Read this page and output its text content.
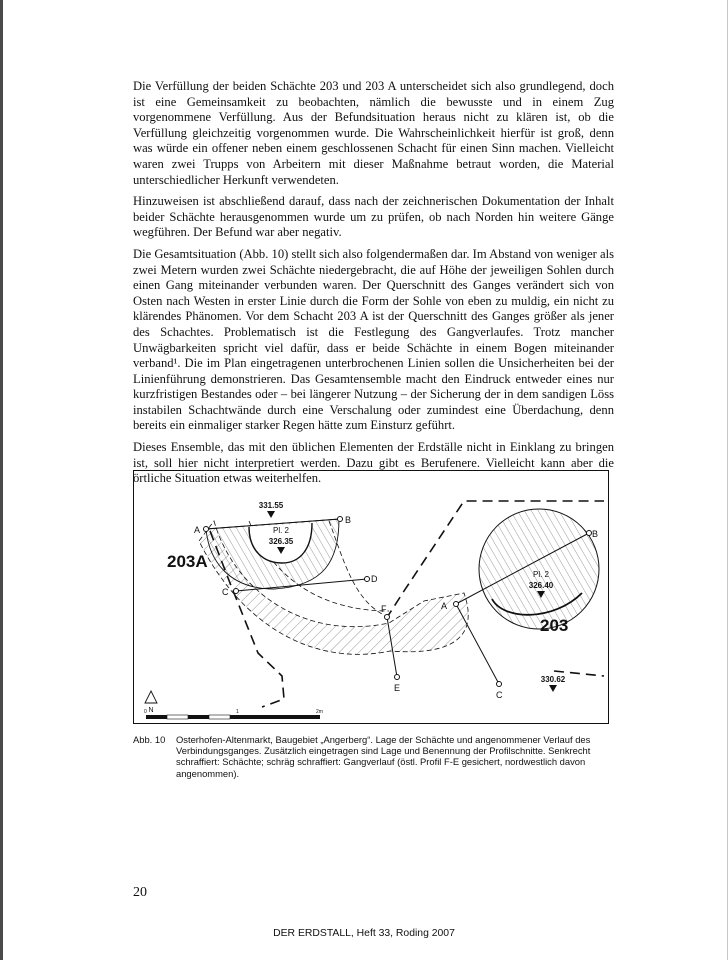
Die Verfüllung der beiden Schächte 203 und 203 A unterscheidet sich also grundlegend, doch ist eine Gemeinsamkeit zu beobachten, nämlich die bewusste und in einem Zug vorgenommene Verfüllung. Aus der Befundsituation heraus nicht zu klären ist, ob die Verfüllung gleichzeitig vorgenommen wurde. Die Wahrscheinlichkeit hierfür ist groß, denn was würde ein offener neben einem geschlossenen Schacht für einen Sinn machen. Vielleicht waren zwei Trupps von Arbeitern mit dieser Maßnahme betraut worden, die Material unterschiedlicher Herkunft verwendeten.

Hinzuweisen ist abschließend darauf, dass nach der zeichnerischen Dokumentation der Inhalt beider Schächte herausgenommen wurde um zu prüfen, ob nach Norden hin weitere Gänge wegführen. Der Befund war aber negativ.

Die Gesamtsituation (Abb. 10) stellt sich also folgendermaßen dar. Im Abstand von weniger als zwei Metern wurden zwei Schächte niedergebracht, die auf Höhe der jeweiligen Sohlen durch einen Gang miteinander verbunden waren. Der Querschnitt des Ganges verändert sich von Osten nach Westen in erster Linie durch die Form der Sohle von eben zu muldig, ein nicht zu klärendes Phänomen. Vor dem Schacht 203 A ist der Querschnitt des Ganges größer als jener des Schachtes. Problematisch ist die Festlegung des Gangverlaufes. Trotz mancher Unwägbarkeiten spricht viel dafür, dass er beide Schächte in einem Bogen miteinander verband¹. Die im Plan eingetragenen unterbrochenen Linien sollen die Unsicherheiten bei der Linienführung demonstrieren. Das Gesamtensemble macht den Eindruck entweder eines nur kurzfristigen Bestandes oder – bei längerer Nutzung – der Sicherung der in dem sandigen Löss instabilen Schachtwände durch eine Verschalung oder zumindest eine Überdachung, denn bereits ein einmaliger starker Regen hätte zum Einsturz geführt.

Dieses Ensemble, das mit den üblichen Elementen der Erdställe nicht in Einklang zu bringen ist, soll hier nicht interpretiert werden. Dazu gibt es Berufenere. Vielleicht kann aber die örtliche Situation etwas weiterhelfen.

331.55
Pl. 2
326.35
Pl. 2
326.40
330.62
203A
203
A
B
C
D
F
E
A
B
C
N
0	1	2m
Abb. 10 Osterhofen-Altenmarkt, Baugebiet „Angerberg“. Lage der Schächte und angenommener Verlauf des Verbindungsganges. Zusätzlich eingetragen sind Lage und Benennung der Profilschnitte. Senkrecht schraffiert: Schächte; schräg schraffiert: Gangverlauf (östl. Profil F-E gesichert, nordwestlich davon angenommen).
20
DER ERDSTALL, Heft 33, Roding 2007
